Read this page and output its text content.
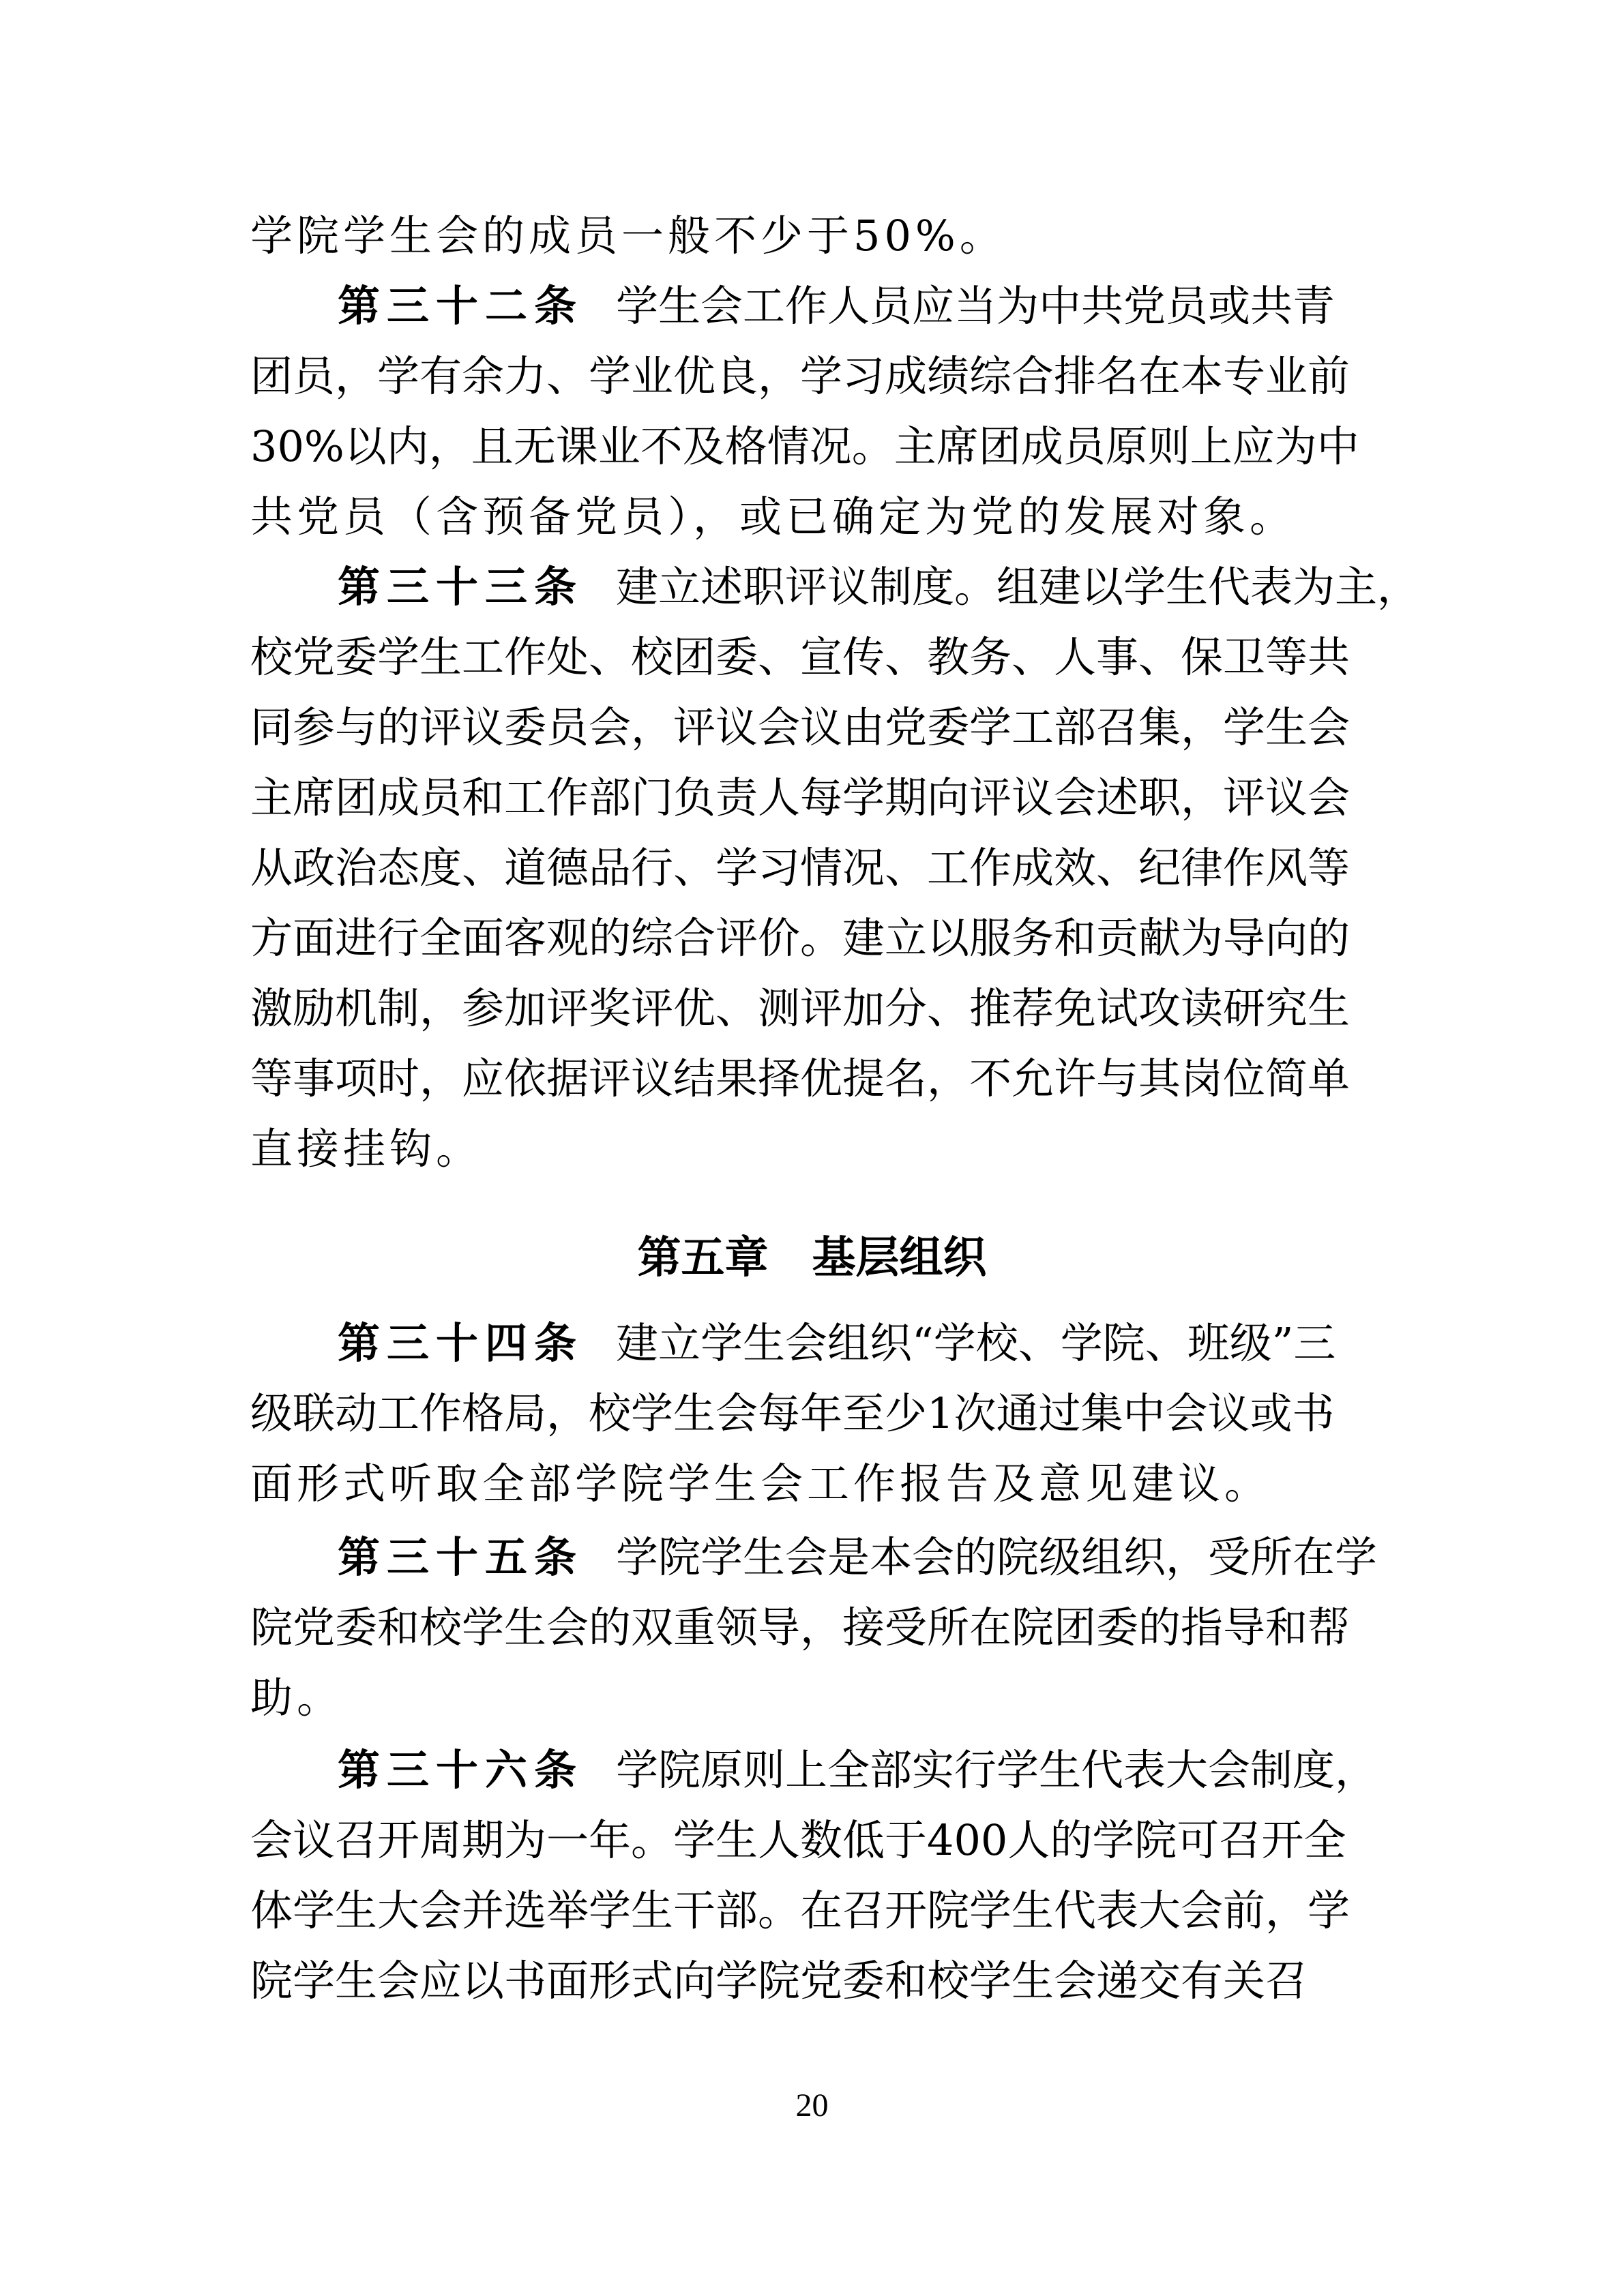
学院学生会的成员一般不少于50%。
第三十二条 学生会工作人员应当为中共党员或共青
团员，学有余力、学业优良，学习成绩综合排名在本专业前
30%以内，且无课业不及格情况。主席团成员原则上应为中
共党员（含预备党员），或已确定为党的发展对象。
第三十三条 建立述职评议制度。组建以学生代表为主，
校党委学生工作处、校团委、宣传、教务、人事、保卫等共
同参与的评议委员会，评议会议由党委学工部召集，学生会
主席团成员和工作部门负责人每学期向评议会述职，评议会
从政治态度、道德品行、学习情况、工作成效、纪律作风等
方面进行全面客观的综合评价。建立以服务和贡献为导向的
激励机制，参加评奖评优、测评加分、推荐免试攻读研究生
等事项时，应依据评议结果择优提名，不允许与其岗位简单
直接挂钩。
第五章　基层组织
第三十四条 建立学生会组织“学校、学院、班级”三
级联动工作格局，校学生会每年至少1次通过集中会议或书
面形式听取全部学院学生会工作报告及意见建议。
第三十五条 学院学生会是本会的院级组织，受所在学
院党委和校学生会的双重领导，接受所在院团委的指导和帮
助。
第三十六条 学院原则上全部实行学生代表大会制度，
会议召开周期为一年。学生人数低于400人的学院可召开全
体学生大会并选举学生干部。在召开院学生代表大会前，学
院学生会应以书面形式向学院党委和校学生会递交有关召
20
